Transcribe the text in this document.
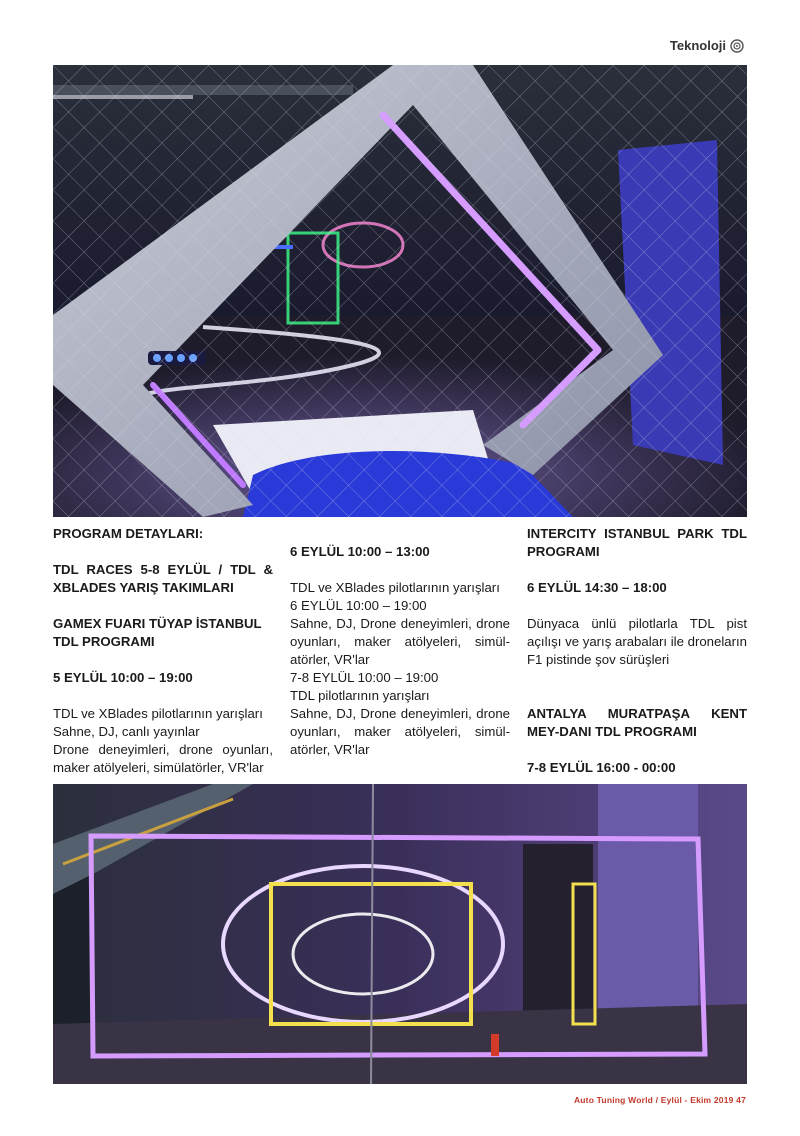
Teknoloji

PROGRAM DETAYLARI:

TDL RACES 5-8 EYLÜL / TDL & XBLADES YARIŞ TAKIMLARI

GAMEX FUARI TÜYAP İSTANBUL TDL PROGRAMI

5 EYLÜL 10:00 – 19:00

TDL ve XBlades pilotlarının yarışları

Sahne, DJ, canlı yayınlar

Drone deneyimleri, drone oyunları, maker atölyeleri, simülatörler, VR'lar

6 EYLÜL 10:00 – 13:00

TDL ve XBlades pilotlarının yarışları

6 EYLÜL 10:00 – 19:00

Sahne, DJ, Drone deneyimleri, drone oyunları, maker atölyeleri, simül-atörler, VR'lar

7-8 EYLÜL 10:00 – 19:00

TDL pilotlarının yarışları

Sahne, DJ, Drone deneyimleri, drone oyunları, maker atölyeleri, simül-atörler, VR'lar

INTERCITY ISTANBUL PARK TDL PROGRAMI

6 EYLÜL 14:30 – 18:00

Dünyaca ünlü pilotlarla TDL pist açılışı ve yarış arabaları ile droneların F1 pistinde şov sürüşleri

ANTALYA MURATPAŞA KENT MEY-DANI TDL PROGRAMI

7-8 EYLÜL 16:00 - 00:00

Auto Tuning World / Eylül - Ekim 2019 47
